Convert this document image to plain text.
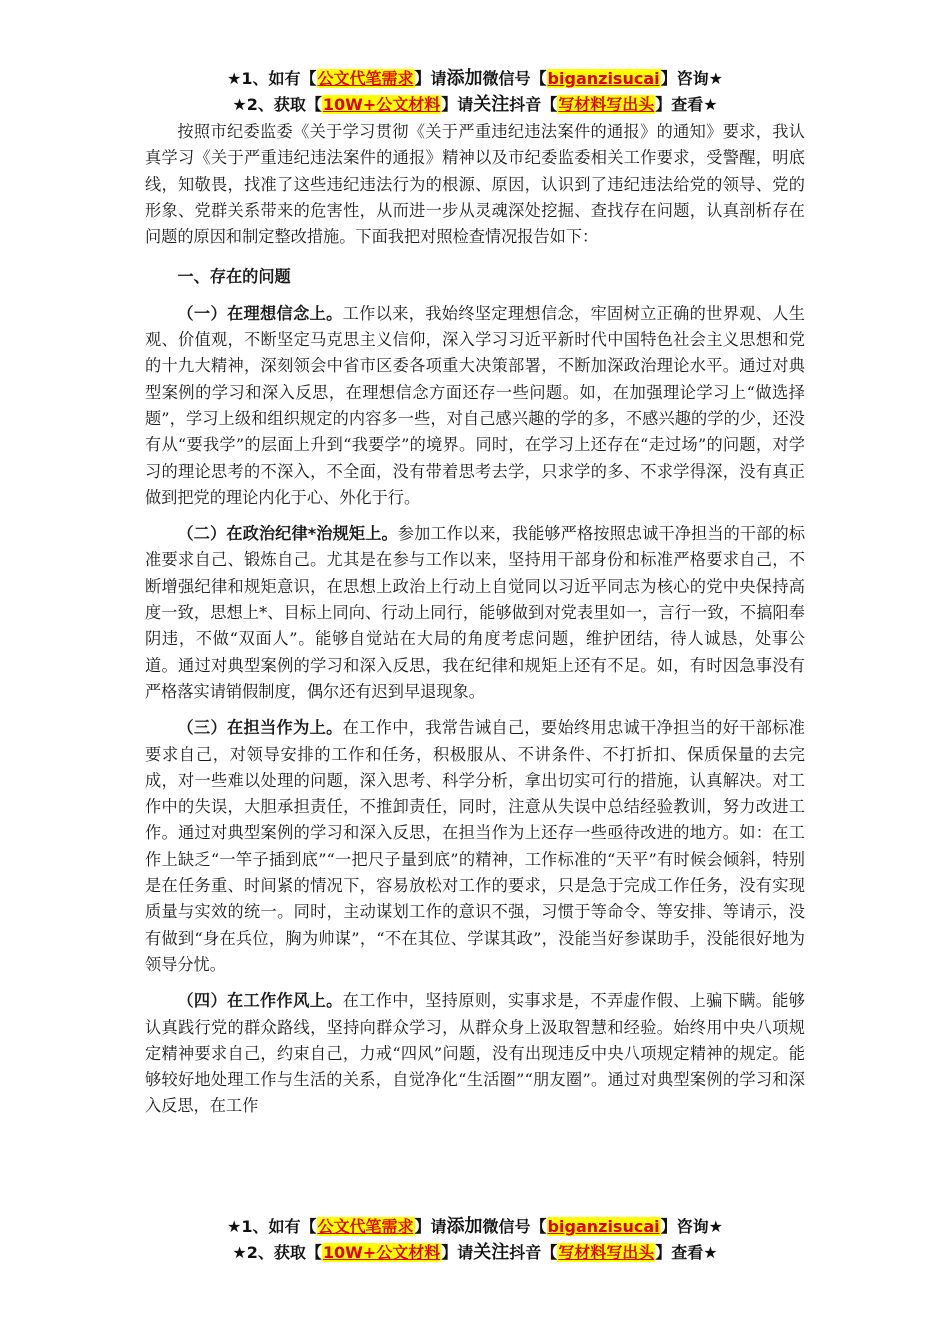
★1、如有【公文代笔需求】请添加微信号【biganzisucai】咨询★
★2、获取【10W+公文材料】请关注抖音【写材料写出头】查看★

按照市纪委监委《关于学习贯彻《关于严重违纪违法案件的通报》的通知》要求，我认真学习《关于严重违纪违法案件的通报》精神以及市纪委监委相关工作要求，受警醒，明底线，知敬畏，找准了这些违纪违法行为的根源、原因，认识到了违纪违法给党的领导、党的形象、党群关系带来的危害性，从而进一步从灵魂深处挖掘、查找存在问题，认真剖析存在问题的原因和制定整改措施。下面我把对照检查情况报告如下：

一、存在的问题

（一）在理想信念上。工作以来，我始终坚定理想信念，牢固树立正确的世界观、人生观、价值观，不断坚定马克思主义信仰，深入学习习近平新时代中国特色社会主义思想和党的十九大精神，深刻领会中省市区委各项重大决策部署，不断加深政治理论水平。通过对典型案例的学习和深入反思，在理想信念方面还存一些问题。如，在加强理论学习上“做选择题”，学习上级和组织规定的内容多一些，对自己感兴趣的学的多，不感兴趣的学的少，还没有从“要我学”的层面上升到“我要学”的境界。同时，在学习上还存在“走过场”的问题，对学习的理论思考的不深入，不全面，没有带着思考去学，只求学的多、不求学得深，没有真正做到把党的理论内化于心、外化于行。

（二）在政治纪律*治规矩上。参加工作以来，我能够严格按照忠诚干净担当的干部的标准要求自己、锻炼自己。尤其是在参与工作以来，坚持用干部身份和标准严格要求自己，不断增强纪律和规矩意识，在思想上政治上行动上自觉同以习近平同志为核心的党中央保持高度一致，思想上*、目标上同向、行动上同行，能够做到对党表里如一，言行一致，不搞阳奉阴违，不做“双面人”。能够自觉站在大局的角度考虑问题，维护团结，待人诚恳，处事公道。通过对典型案例的学习和深入反思，我在纪律和规矩上还有不足。如，有时因急事没有严格落实请销假制度，偶尔还有迟到早退现象。

（三）在担当作为上。在工作中，我常告诫自己，要始终用忠诚干净担当的好干部标准要求自己，对领导安排的工作和任务，积极服从、不讲条件、不打折扣、保质保量的去完成，对一些难以处理的问题，深入思考、科学分析，拿出切实可行的措施，认真解决。对工作中的失误，大胆承担责任，不推卸责任，同时，注意从失误中总结经验教训，努力改进工作。通过对典型案例的学习和深入反思，在担当作为上还存一些亟待改进的地方。如：在工作上缺乏“一竿子插到底”“一把尺子量到底”的精神，工作标准的“天平”有时候会倾斜，特别是在任务重、时间紧的情况下，容易放松对工作的要求，只是急于完成工作任务，没有实现质量与实效的统一。同时，主动谋划工作的意识不强，习惯于等命令、等安排、等请示，没有做到“身在兵位，胸为帅谋”，“不在其位、学谋其政”，没能当好参谋助手，没能很好地为领导分忧。

（四）在工作作风上。在工作中，坚持原则，实事求是，不弄虚作假、上骗下瞒。能够认真践行党的群众路线，坚持向群众学习，从群众身上汲取智慧和经验。始终用中央八项规定精神要求自己，约束自己，力戒“四风”问题，没有出现违反中央八项规定精神的规定。能够较好地处理工作与生活的关系，自觉净化“生活圈”“朋友圈”。通过对典型案例的学习和深入反思，在工作

★1、如有【公文代笔需求】请添加微信号【biganzisucai】咨询★
★2、获取【10W+公文材料】请关注抖音【写材料写出头】查看★
